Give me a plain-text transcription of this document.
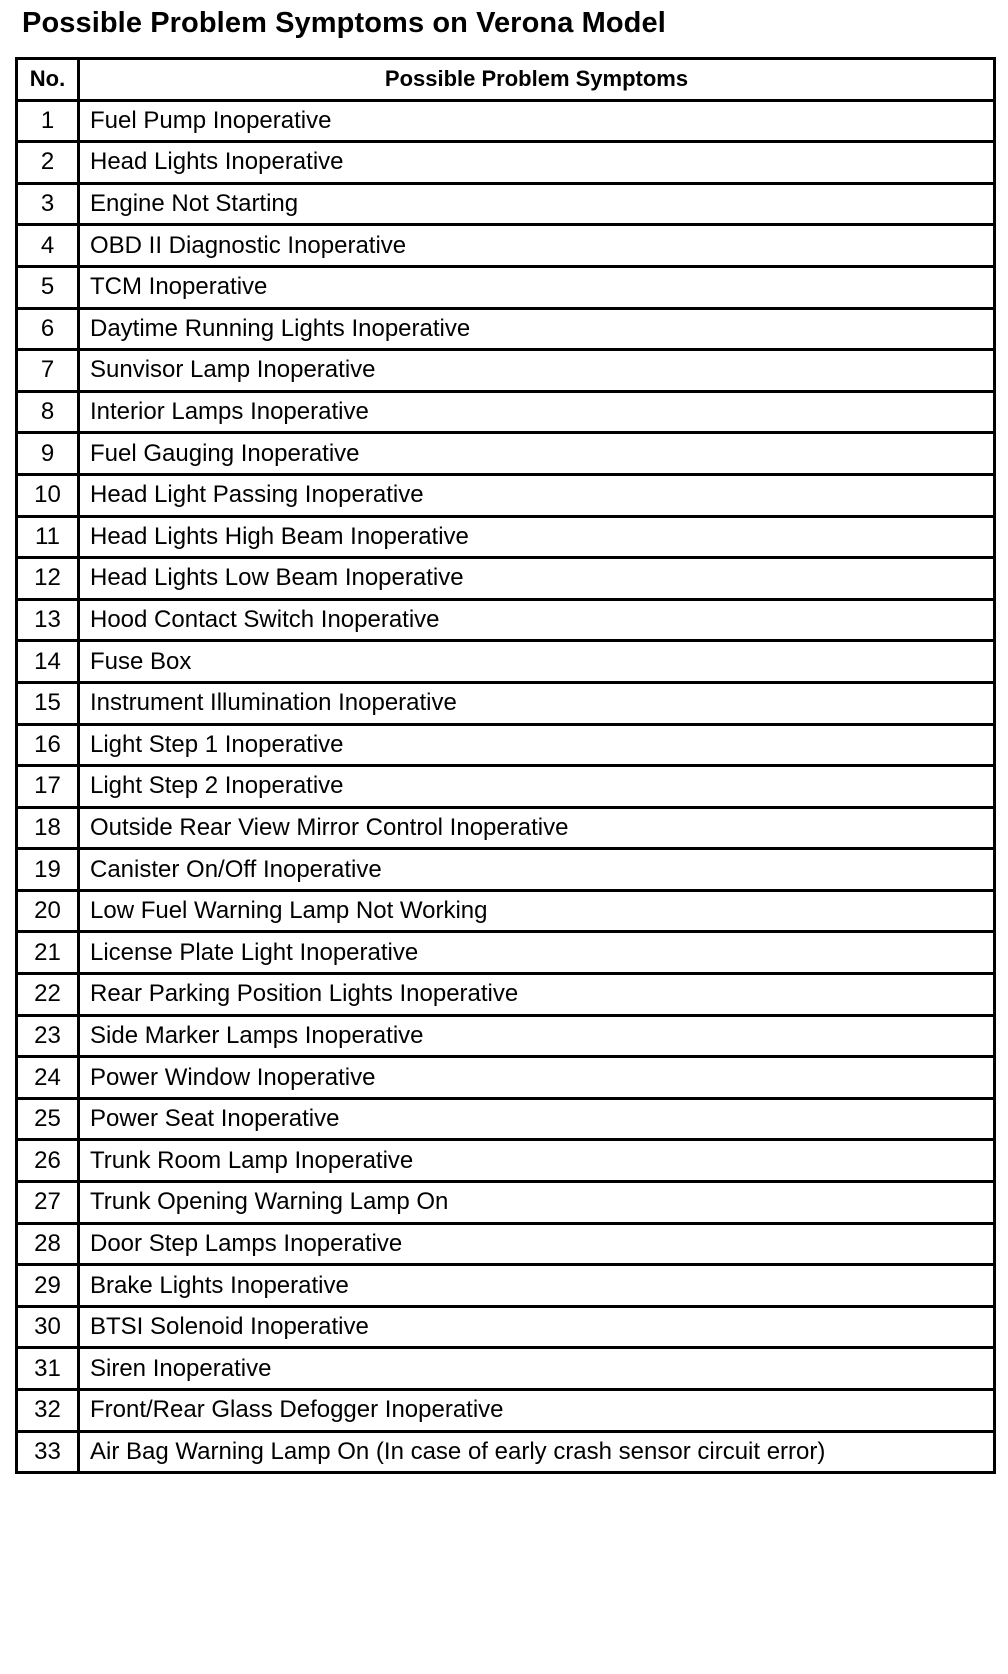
Possible Problem Symptoms on Verona Model
No.	Possible Problem Symptoms
1	Fuel Pump Inoperative
2	Head Lights Inoperative
3	Engine Not Starting
4	OBD II Diagnostic Inoperative
5	TCM Inoperative
6	Daytime Running Lights Inoperative
7	Sunvisor Lamp Inoperative
8	Interior Lamps Inoperative
9	Fuel Gauging Inoperative
10	Head Light Passing Inoperative
11	Head Lights High Beam Inoperative
12	Head Lights Low Beam Inoperative
13	Hood Contact Switch Inoperative
14	Fuse Box
15	Instrument Illumination Inoperative
16	Light Step 1 Inoperative
17	Light Step 2 Inoperative
18	Outside Rear View Mirror Control Inoperative
19	Canister On/Off Inoperative
20	Low Fuel Warning Lamp Not Working
21	License Plate Light Inoperative
22	Rear Parking Position Lights Inoperative
23	Side Marker Lamps Inoperative
24	Power Window Inoperative
25	Power Seat Inoperative
26	Trunk Room Lamp Inoperative
27	Trunk Opening Warning Lamp On
28	Door Step Lamps Inoperative
29	Brake Lights Inoperative
30	BTSI Solenoid Inoperative
31	Siren Inoperative
32	Front/Rear Glass Defogger Inoperative
33	Air Bag Warning Lamp On (In case of early crash sensor circuit error)
